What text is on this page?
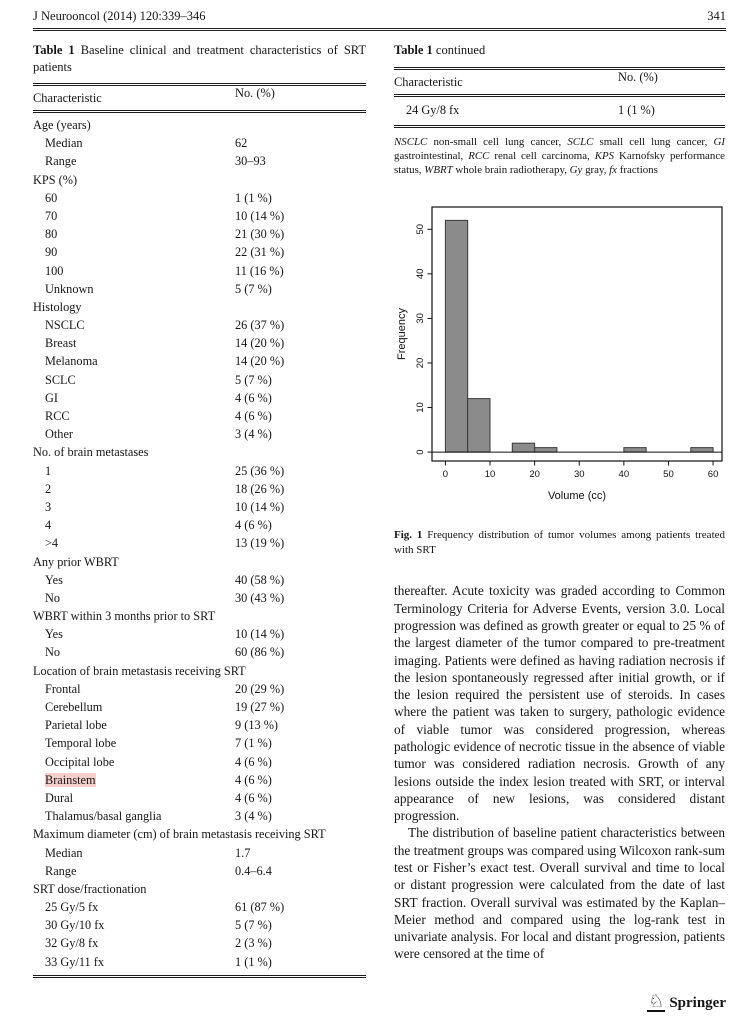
J Neurooncol (2014) 120:339–346	341
Table 1 Baseline clinical and treatment characteristics of SRT patients
Characteristic	No. (%)
Age (years)
Median	62
Range	30–93
KPS (%)
60	1 (1 %)
70	10 (14 %)
80	21 (30 %)
90	22 (31 %)
100	11 (16 %)
Unknown	5 (7 %)
Histology
NSCLC	26 (37 %)
Breast	14 (20 %)
Melanoma	14 (20 %)
SCLC	5 (7 %)
GI	4 (6 %)
RCC	4 (6 %)
Other	3 (4 %)
No. of brain metastases
1	25 (36 %)
2	18 (26 %)
3	10 (14 %)
4	4 (6 %)
>4	13 (19 %)
Any prior WBRT
Yes	40 (58 %)
No	30 (43 %)
WBRT within 3 months prior to SRT
Yes	10 (14 %)
No	60 (86 %)
Location of brain metastasis receiving SRT
Frontal	20 (29 %)
Cerebellum	19 (27 %)
Parietal lobe	9 (13 %)
Temporal lobe	7 (1 %)
Occipital lobe	4 (6 %)
Brainstem	4 (6 %)
Dural	4 (6 %)
Thalamus/basal ganglia	3 (4 %)
Maximum diameter (cm) of brain metastasis receiving SRT
Median	1.7
Range	0.4–6.4
SRT dose/fractionation
25 Gy/5 fx	61 (87 %)
30 Gy/10 fx	5 (7 %)
32 Gy/8 fx	2 (3 %)
33 Gy/11 fx	1 (1 %)
Table 1 continued
Characteristic	No. (%)
24 Gy/8 fx	1 (1 %)
NSCLC non-small cell lung cancer, SCLC small cell lung cancer, GI gastrointestinal, RCC renal cell carcinoma, KPS Karnofsky performance status, WBRT whole brain radiotherapy, Gy gray, fx fractions
0	10	20	30	40	50	60
0
10
20
30
40
50
Volume (cc)
Frequency
Fig. 1 Frequency distribution of tumor volumes among patients treated with SRT

thereafter. Acute toxicity was graded according to Common Terminology Criteria for Adverse Events, version 3.0. Local progression was defined as growth greater or equal to 25 % of the largest diameter of the tumor compared to pre-treatment imaging. Patients were defined as having radiation necrosis if the lesion spontaneously regressed after initial growth, or if the lesion required the persistent use of steroids. In cases where the patient was taken to surgery, pathologic evidence of viable tumor was considered progression, whereas pathologic evidence of necrotic tissue in the absence of viable tumor was considered radiation necrosis. Growth of any lesions outside the index lesion treated with SRT, or interval appearance of new lesions, was considered distant progression.

The distribution of baseline patient characteristics between the treatment groups was compared using Wilcoxon rank-sum test or Fisher’s exact test. Overall survival and time to local or distant progression were calculated from the date of last SRT fraction. Overall survival was estimated by the Kaplan–Meier method and compared using the log-rank test in univariate analysis. For local and distant progression, patients were censored at the time of

♘ Springer
